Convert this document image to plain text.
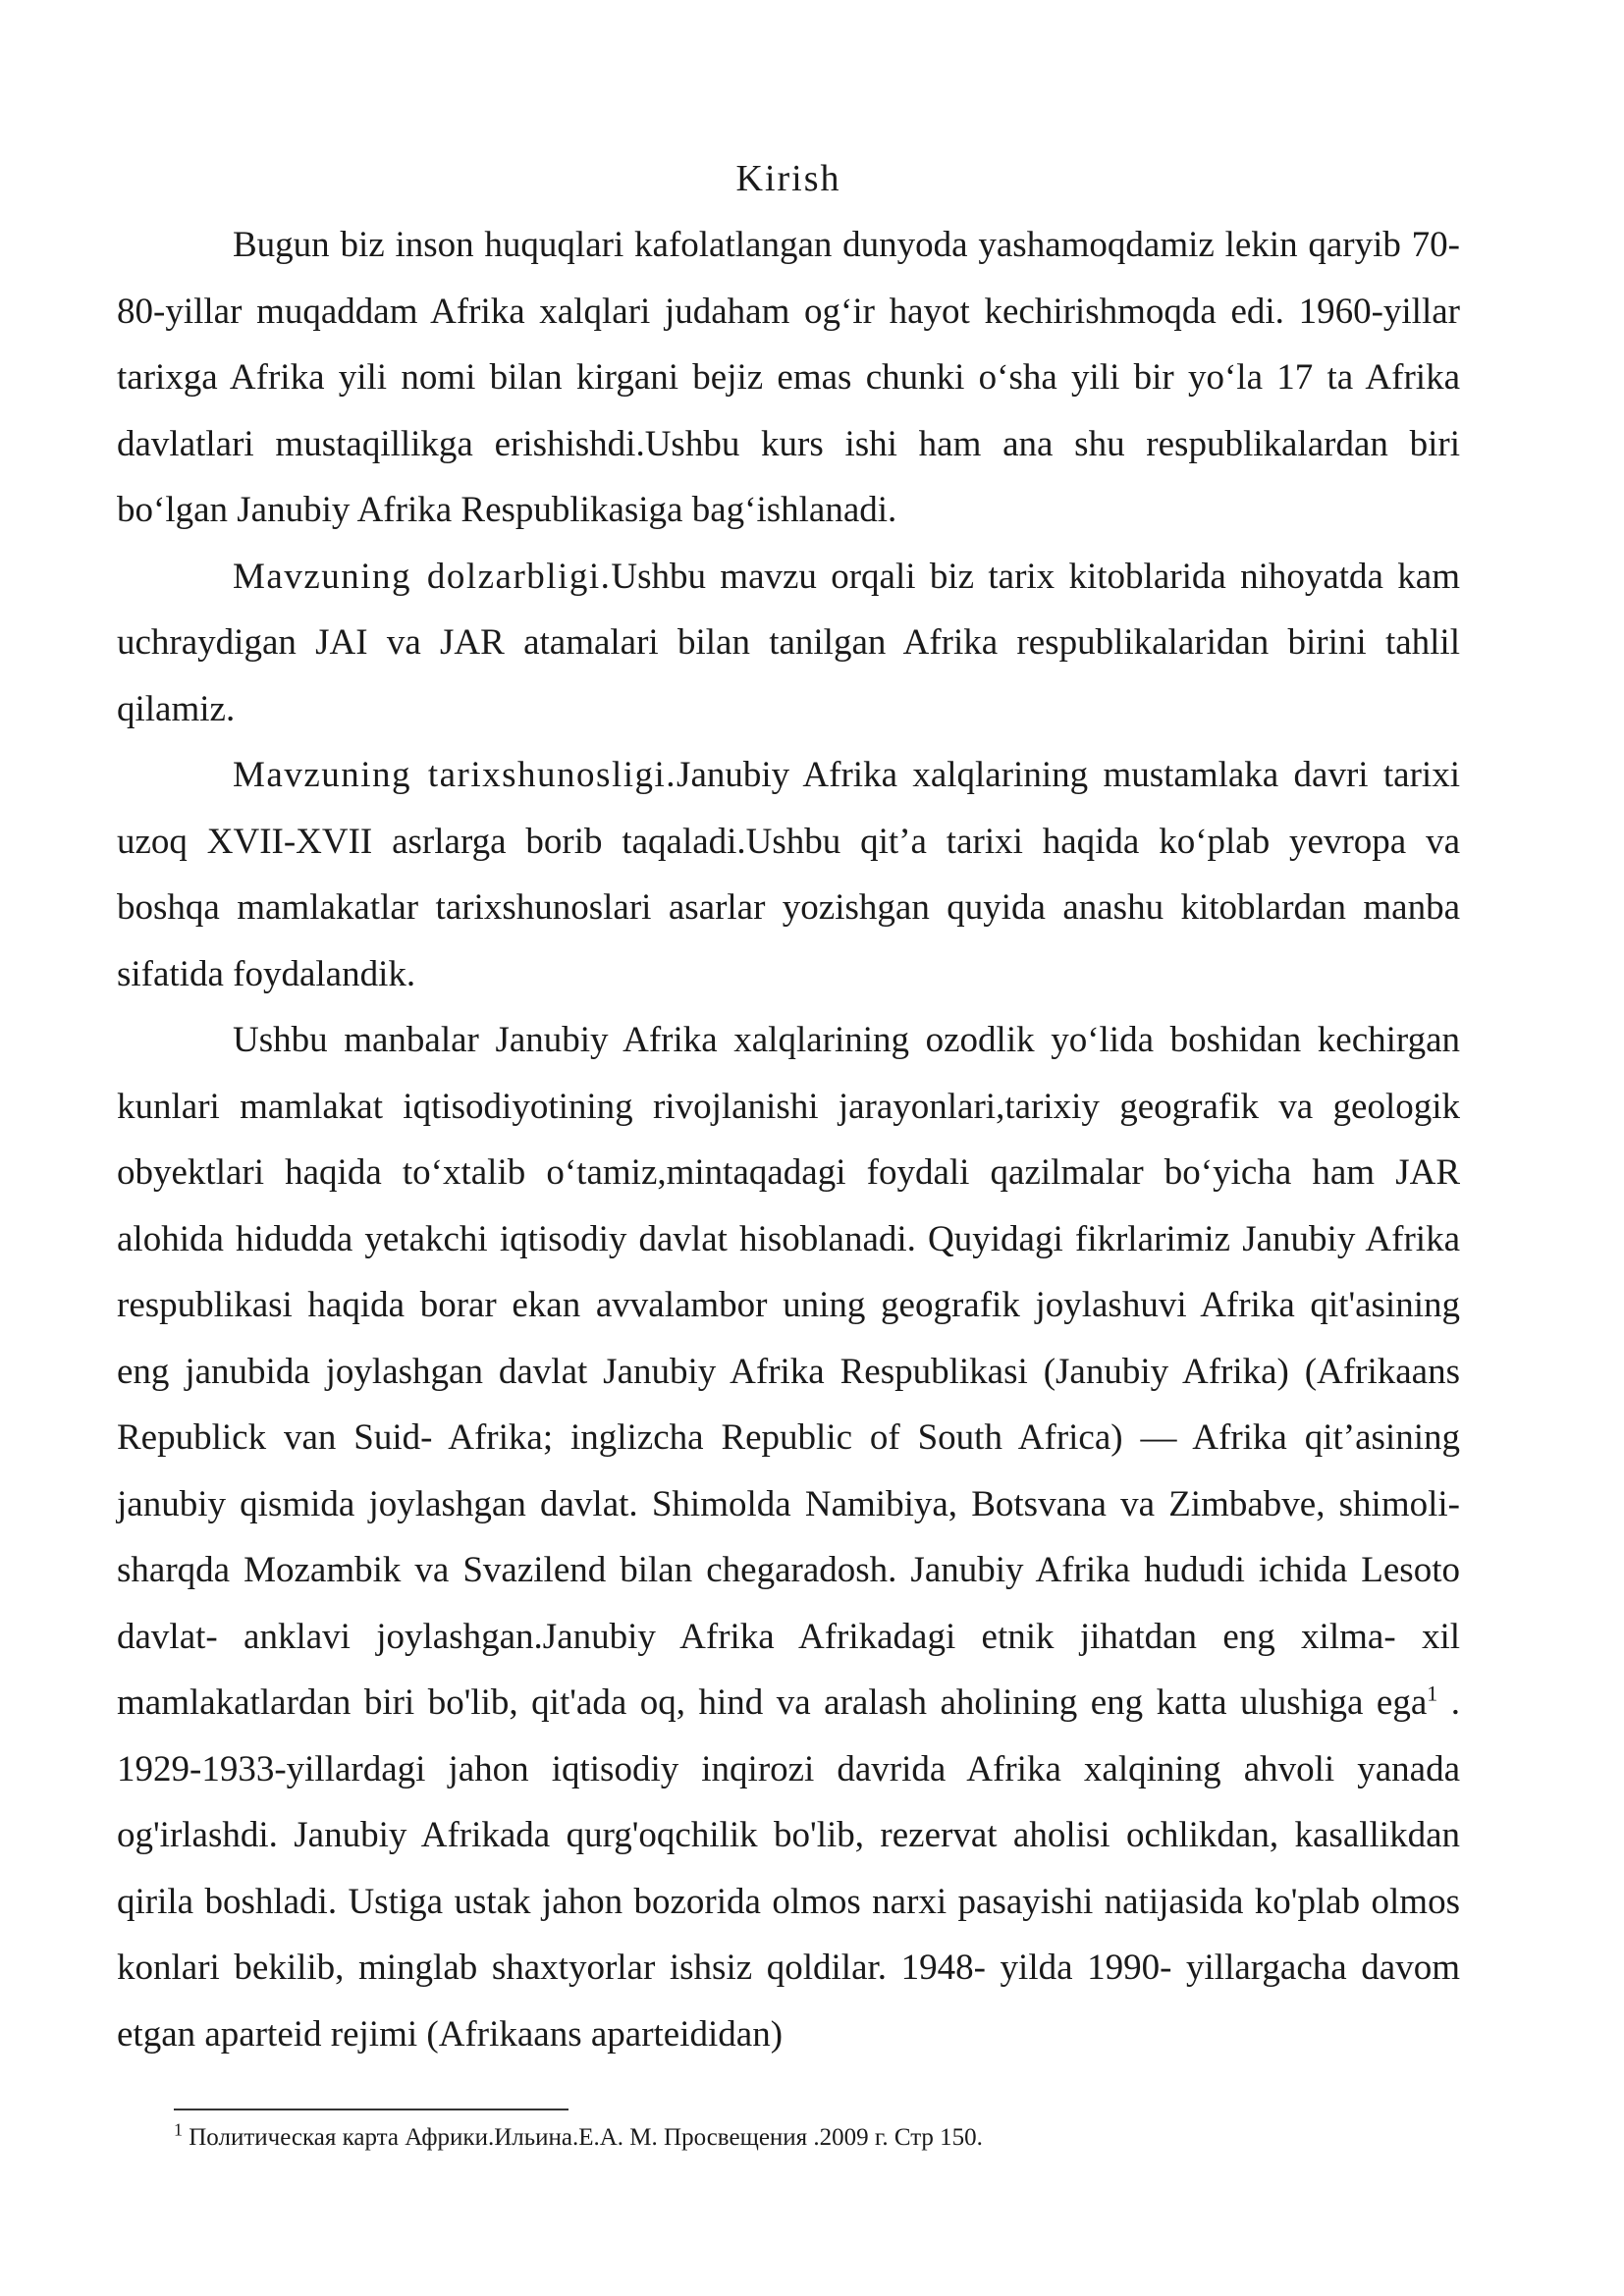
Kirish

Bugun biz inson huquqlari kafolatlangan dunyoda yashamoqdamiz lekin qaryib 70-80-yillar muqaddam Afrika xalqlari judaham og‘ir hayot kechirishmoqda edi. 1960-yillar tarixga Afrika yili nomi bilan kirgani bejiz emas chunki o‘sha yili bir yo‘la 17 ta Afrika davlatlari mustaqillikga erishishdi.Ushbu kurs ishi ham ana shu respublikalardan biri bo‘lgan Janubiy Afrika Respublikasiga bag‘ishlanadi.

Mavzuning dolzarbligi.Ushbu mavzu orqali biz tarix kitoblarida nihoyatda kam uchraydigan JAI va JAR atamalari bilan tanilgan Afrika respublikalaridan birini tahlil qilamiz.

Mavzuning tarixshunosligi.Janubiy Afrika xalqlarining mustamlaka davri tarixi uzoq XVII-XVII asrlarga borib taqaladi.Ushbu qit’a tarixi haqida ko‘plab yevropa va boshqa mamlakatlar tarixshunoslari asarlar yozishgan quyida anashu kitoblardan manba sifatida foydalandik.

Ushbu manbalar Janubiy Afrika xalqlarining ozodlik yo‘lida boshidan kechirgan kunlari mamlakat iqtisodiyotining rivojlanishi jarayonlari,tarixiy geografik va geologik obyektlari haqida to‘xtalib o‘tamiz,mintaqadagi foydali qazilmalar bo‘yicha ham JAR alohida hidudda yetakchi iqtisodiy davlat hisoblanadi. Quyidagi fikrlarimiz Janubiy Afrika respublikasi haqida borar ekan avvalambor uning geografik joylashuvi Afrika qit'asining eng janubida joylashgan davlat Janubiy Afrika Respublikasi (Janubiy Afrika) (Afrikaans Republick van Suid- Afrika; inglizcha Republic of South Africa) — Afrika qit’asining janubiy qismida joylashgan davlat. Shimolda Namibiya, Botsvana va Zimbabve, shimoli- sharqda Mozambik va Svazilend bilan chegaradosh. Janubiy Afrika hududi ichida Lesoto davlat- anklavi joylashgan.Janubiy Afrika Afrikadagi etnik jihatdan eng xilma- xil mamlakatlardan biri bo'lib, qit'ada oq, hind va aralash aholining eng katta ulushiga ega$^1$ . 1929-1933-yillardagi jahon iqtisodiy inqirozi davrida Afrika xalqining ahvoli yanada og'irlashdi. Janubiy Afrikada qurg'oqchilik bo'lib, rezervat aholisi ochlikdan, kasallikdan qirila boshladi. Ustiga ustak jahon bozorida olmos narxi pasayishi natijasida ko'plab olmos konlari bekilib, minglab shaxtyorlar ishsiz qoldilar. 1948- yilda 1990- yillargacha davom etgan aparteid rejimi (Afrikaans aparteididan)

$^1$ Политическая карта Африки.Ильина.Е.А. М. Просвещения .2009 г. Стр 150.
